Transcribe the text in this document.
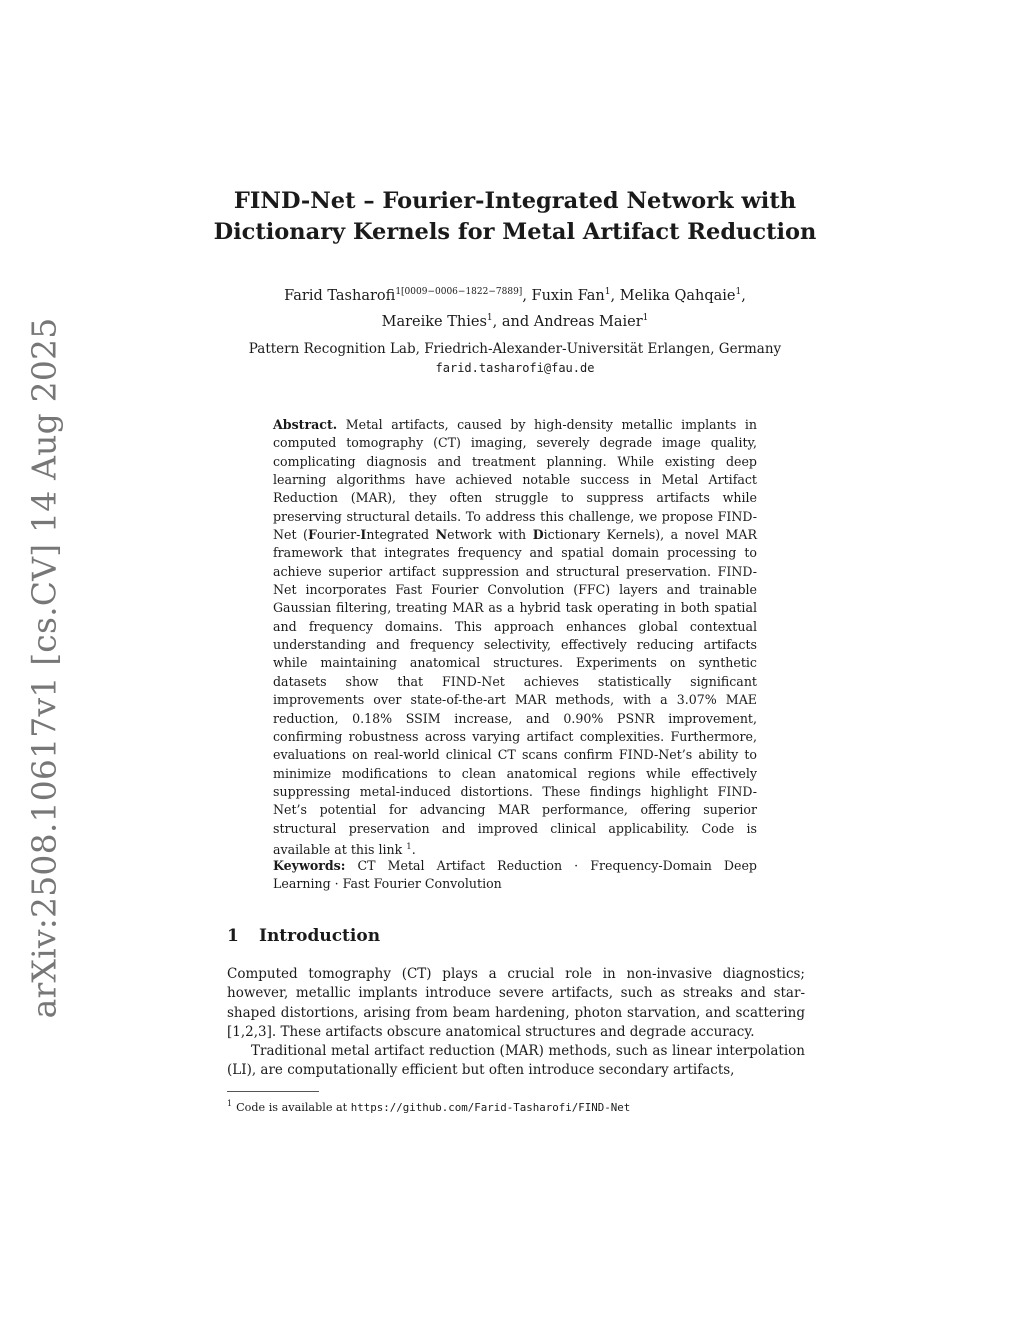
arXiv:2508.10617v1 [cs.CV] 14 Aug 2025
FIND-Net – Fourier-Integrated Network with
Dictionary Kernels for Metal Artifact Reduction
Farid Tasharofi$^{1[0009-0006-1822-7889]}$, Fuxin Fan$^1$, Melika Qahqaie$^1$,
Mareike Thies$^1$, and Andreas Maier$^1$
Pattern Recognition Lab, Friedrich-Alexander-Universität Erlangen, Germany
farid.tasharofi@fau.de

Abstract. Metal artifacts, caused by high-density metallic implants in computed tomography (CT) imaging, severely degrade image quality, complicating diagnosis and treatment planning. While existing deep learning algorithms have achieved notable success in Metal Artifact Reduction (MAR), they often struggle to suppress artifacts while preserving structural details. To address this challenge, we propose FIND-Net (Fourier-Integrated Network with Dictionary Kernels), a novel MAR framework that integrates frequency and spatial domain processing to achieve superior artifact suppression and structural preservation. FIND-Net incorporates Fast Fourier Convolution (FFC) layers and trainable Gaussian filtering, treating MAR as a hybrid task operating in both spatial and frequency domains. This approach enhances global contextual understanding and frequency selectivity, effectively reducing artifacts while maintaining anatomical structures. Experiments on synthetic datasets show that FIND-Net achieves statistically significant improvements over state-of-the-art MAR methods, with a 3.07% MAE reduction, 0.18% SSIM increase, and 0.90% PSNR improvement, confirming robustness across varying artifact complexities. Furthermore, evaluations on real-world clinical CT scans confirm FIND-Net’s ability to minimize modifications to clean anatomical regions while effectively suppressing metal-induced distortions. These findings highlight FIND-Net’s potential for advancing MAR performance, offering superior structural preservation and improved clinical applicability. Code is available at this link $^1$.

Keywords: CT Metal Artifact Reduction · Frequency-Domain Deep Learning · Fast Fourier Convolution

1 Introduction

Computed tomography (CT) plays a crucial role in non-invasive diagnostics; however, metallic implants introduce severe artifacts, such as streaks and star-shaped distortions, arising from beam hardening, photon starvation, and scattering [1,2,3]. These artifacts obscure anatomical structures and degrade accuracy.

Traditional metal artifact reduction (MAR) methods, such as linear interpolation (LI), are computationally efficient but often introduce secondary artifacts,

$^1$ Code is available at https://github.com/Farid-Tasharofi/FIND-Net
